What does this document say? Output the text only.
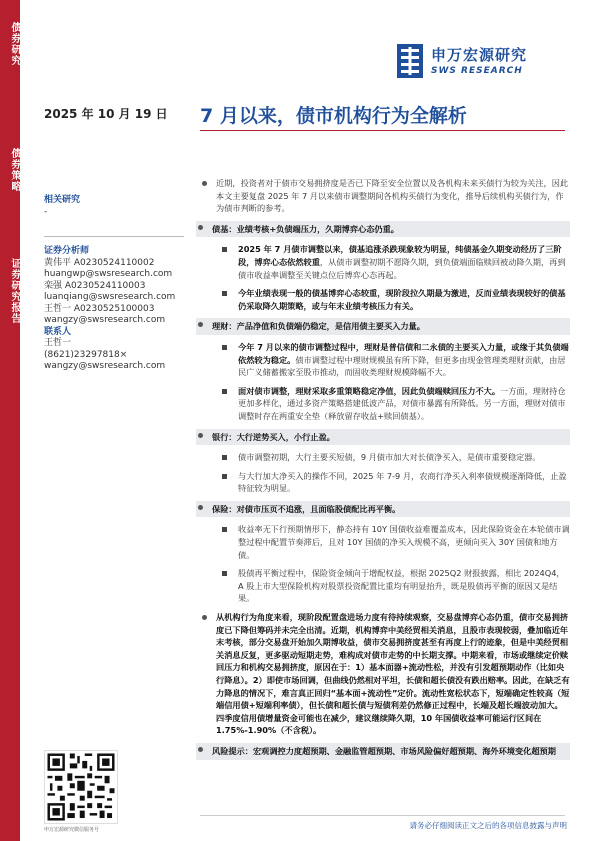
债券研究
债券策略
证券研究报告
申万宏源研究
SWS RESEARCH
2025 年 10 月 19 日 7 月以来，债市机构行为全解析
相关研究
-
证券分析师
黄伟平 A0230524110002
huangwp@swsresearch.com
栾强 A0230524110003
luanqiang@swsresearch.com
王哲一 A0230525100003
wangzy@swsresearch.com
联系人
王哲一
(8621)23297818×
wangzy@swsresearch.com

近期，投资者对于债市交易拥挤度是否已下降至安全位置以及各机构未来买债行为较为关注，因此本文主要复盘 2025 年 7 月以来债市调整期间各机构买债行为变化，推导后续机构买债行为，作为债市判断的参考。

债基：业绩考核+负债端压力，久期博弈心态仍重。

2025 年 7 月债市调整以来，债基追涨杀跌现象较为明显，纯债基金久期变动经历了三阶段，博弈心态依然较重，从债市调整初期不愿降久期，到负债端面临赎回被动降久期，再到债市收益率调整至关键点位后博弈心态再起。

今年业绩表现一般的债基博弈心态较重，现阶段拉久期最为激进，反而业绩表现较好的债基仍采取降久期策略，或与年末业绩考核压力有关。

理财：产品净值和负债端仍稳定，是信用债主要买入力量。

今年 7 月以来的债市调整过程中，理财是普信债和二永债的主要买入力量，或缘于其负债端依然较为稳定。债市调整过程中理财规模虽有所下降，但更多由现金管理类理财贡献，由居民广义储蓄搬家至股市推动，而固收类理财规模降幅不大。

面对债市调整，理财采取多重策略稳定净值，因此负债端赎回压力不大。一方面，理财持仓更加多样化，通过多资产策略搭建低波产品，对债市暴露有所降低。另一方面，理财对债市调整时存在两重安全垫（释放留存收益+赎回债基）。

银行：大行逆势买入，小行止盈。

债市调整初期，大行主要买短债，9 月债市加大对长债净买入，是债市重要稳定器。

与大行加大净买入的操作不同，2025 年 7-9 月，农商行净买入利率债规模逐渐降低，止盈特征较为明显。

保险：对债市压页不追涨，且面临股债配比再平衡。

收益率无下行预期情形下，静态持有 10Y 国债收益难覆盖成本，因此保险资金在本轮债市调整过程中配置节奏滞后，且对 10Y 国债的净买入规模不高，更倾向买入 30Y 国债和地方债。

股债再平衡过程中，保险资金倾向于增配权益，根据 2025Q2 财报披露，相比 2024Q4，A 股上市大型保险机构对股票投资配置比重均有明显抬升，既是股债再平衡的原因又是结果。

从机构行为角度来看，现阶段配置盘进场力度有待持续观察，交易盘博弈心态仍重，债市交易拥挤度已下降但筹码并未完全出清。近期，机构博弈中美经贸相关消息，且股市表现较弱，叠加临近年末考核，部分交易盘开始加久期博收益，债市交易拥挤度甚至有再度上行的迹象，但是中美经贸相关消息反复，更多驱动短期走势，难构成对债市走势的中长期支撑。中期来看，市场或继续定价赎回压力和机构交易拥挤度，原因在于：1）基本面器+流动性松，并没有引发超预期动作（比如央行降息）。2）即使市场回调，但曲线仍然相对平坦，长债和超长债没有跌出赔率。因此，在缺乏有力降息的情况下，难言真正回归“基本面+流动性”定价。流动性宽松状态下，短端确定性较高（短端信用债+短端利率债），但长债和超长债与短债利差仍然修正过程中，长端及超长端波动加大。四季度信用债增量资金可能也在减少，建议继续降久期，10 年国债收益率可能运行区间在1.75%-1.90%（不含税）。

风险提示：宏观调控力度超预期、金融监管超预期、市场风险偏好超预期、海外环境变化超预期

申万宏源研究微信服务号	请务必仔细阅读正文之后的各项信息披露与声明
